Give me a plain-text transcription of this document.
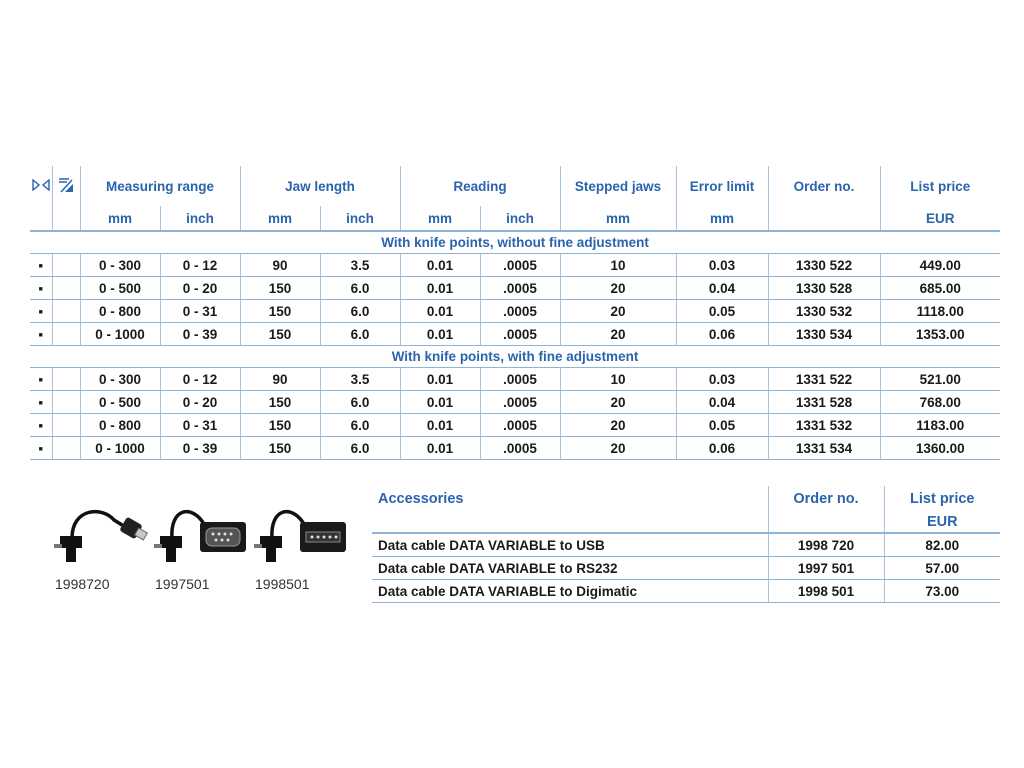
		Measuring range		Jaw length		Reading		Stepped jaws	Error limit	Order no.	List price
		mm	inch	mm	inch	mm	inch	mm	mm		EUR
With knife points, without fine adjustment											
▪		0 - 300	0 - 12	90	3.5	0.01	.0005	10	0.03	1330 522	449.00
▪		0 - 500	0 - 20	150	6.0	0.01	.0005	20	0.04	1330 528	685.00
▪		0 - 800	0 - 31	150	6.0	0.01	.0005	20	0.05	1330 532	1118.00
▪		0 - 1000	0 - 39	150	6.0	0.01	.0005	20	0.06	1330 534	1353.00
With knife points, with fine adjustment											
▪		0 - 300	0 - 12	90	3.5	0.01	.0005	10	0.03	1331 522	521.00
▪		0 - 500	0 - 20	150	6.0	0.01	.0005	20	0.04	1331 528	768.00
▪		0 - 800	0 - 31	150	6.0	0.01	.0005	20	0.05	1331 532	1183.00
▪		0 - 1000	0 - 39	150	6.0	0.01	.0005	20	0.06	1331 534	1360.00
1998720	1997501	1998501
Accessories	Order no.	List price
		EUR
Data cable DATA VARIABLE to USB	1998 720	82.00
Data cable DATA VARIABLE to RS232	1997 501	57.00
Data cable DATA VARIABLE to Digimatic	1998 501	73.00
